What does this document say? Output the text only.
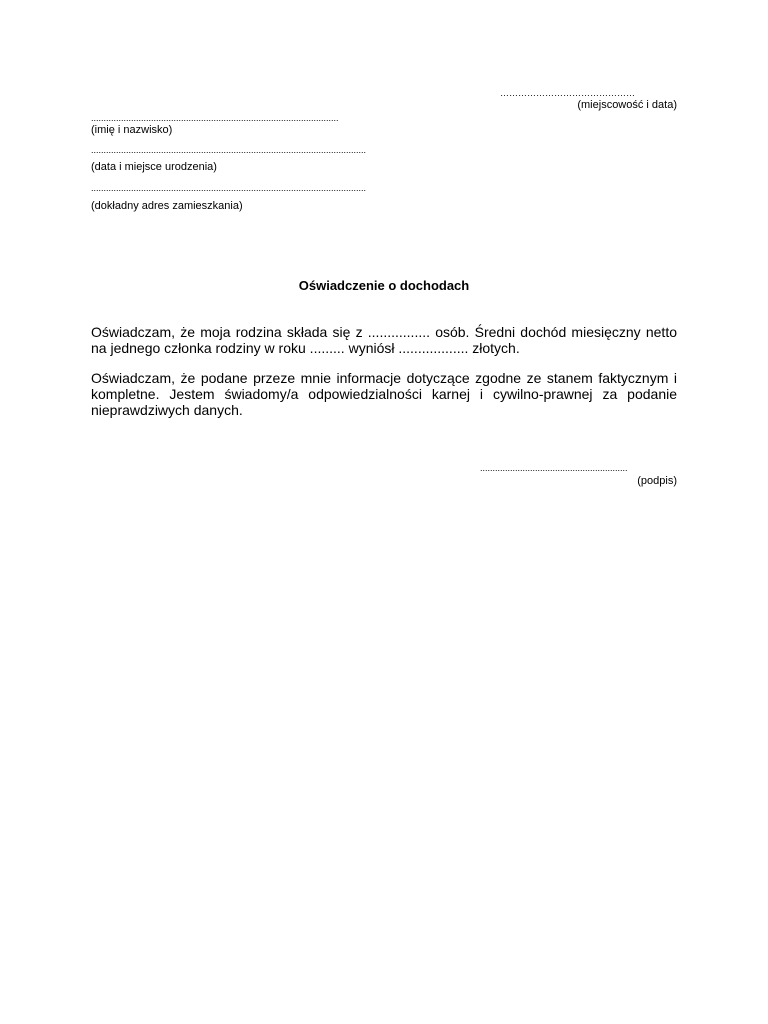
………………………………………
(miejscowość i data)
...................................................................................................
(imię i nazwisko)
..............................................................................................................
(data i miejsce urodzenia)
..............................................................................................................
(dokładny adres zamieszkania)
Oświadczenie o dochodach
Oświadczam, że moja rodzina składa się z ................ osób. Średni dochód miesięczny netto
na jednego członka rodziny w roku ......... wyniósł .................. złotych.
Oświadczam, że podane przeze mnie informacje dotyczące zgodne ze stanem faktycznym i kompletne. Jestem świadomy/a odpowiedzialności karnej i cywilno-prawnej za podanie nieprawdziwych danych.
...........................................................
(podpis)
